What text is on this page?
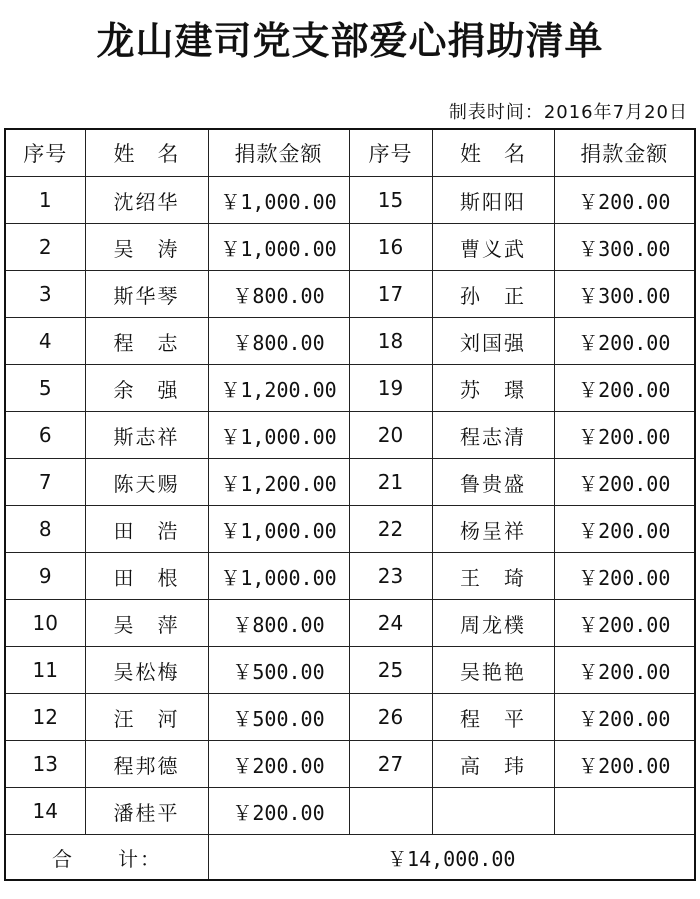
龙山建司党支部爱心捐助清单
制表时间：2016年7月20日
序号	姓　名	捐款金额	序号	姓　名	捐款金额
1	沈绍华	￥1,000.00	15	斯阳阳	￥200.00
2	吴　涛	￥1,000.00	16	曹义武	￥300.00
3	斯华琴	￥800.00	17	孙　正	￥300.00
4	程　志	￥800.00	18	刘国强	￥200.00
5	余　强	￥1,200.00	19	苏　璟	￥200.00
6	斯志祥	￥1,000.00	20	程志清	￥200.00
7	陈天赐	￥1,200.00	21	鲁贵盛	￥200.00
8	田　浩	￥1,000.00	22	杨呈祥	￥200.00
9	田　根	￥1,000.00	23	王　琦	￥200.00
10	吴　萍	￥800.00	24	周龙樸	￥200.00
11	吴松梅	￥500.00	25	吴艳艳	￥200.00
12	汪　河	￥500.00	26	程　平	￥200.00
13	程邦德	￥200.00	27	高　玮	￥200.00
14	潘桂平	￥200.00			
合　　计：		￥14,000.00			
